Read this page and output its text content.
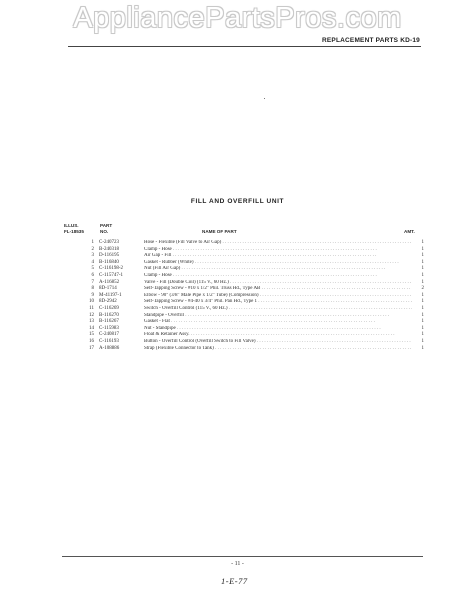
AppliancePartsPros.com
REPLACEMENT PARTS KD-19
FILL AND OVERFILL UNIT
ILLUS.
FL-18535
PART
NO.	NAME OF PART	AMT.
1 C-240723	Hose - Flexible (Fill Valve to Air Gap) . . .	1
2 B-240318	Clamp - Hose . . .	1
3 D-116195	Air Gap - Fill . . .	1
4 B-116840	Gasket - Rubber (White) . . .	1
5 C-116198-2	Nut (Fill Air Gap) . . .	1
6 C-115747-1	Clamp - Hose . . .	1
7 A-116852	Valve - Fill (Double Coil) (115 V., 60 Hz.) . . .	1
8 8D-1714	Self-Tapping Screw - #10 x 1/2" Phil. Truss Hd., Type AB . . .	2
9 M-41197-1	Elbow - 90° (3/8" Male Pipe x 1/2" Tube) (Compression) . . .	1
10 8D-2942	Self-Tapping Screw - #4-40 x 3/4" Phil. Pan Hd., Type 1 . . .	1
11 C-116269	Switch - Overfill Control (115 V., 60 Hz.) . . .	1
12 B-116270	Standpipe - Overfill . . .	1
13 B-116267	Gasket - Flat . . .	1
14 C-115983	Nut - Standpipe . . .	1
15 C-240817	Float & Retainer Assy. . . .	1
16 C-116193	Button - Overfill Control (Overfill Switch to Fill Valve) . . .	1
17 A-108886	Strap (Flexible Connector to Tank) . . .	1
- 11 -
1-E-77
